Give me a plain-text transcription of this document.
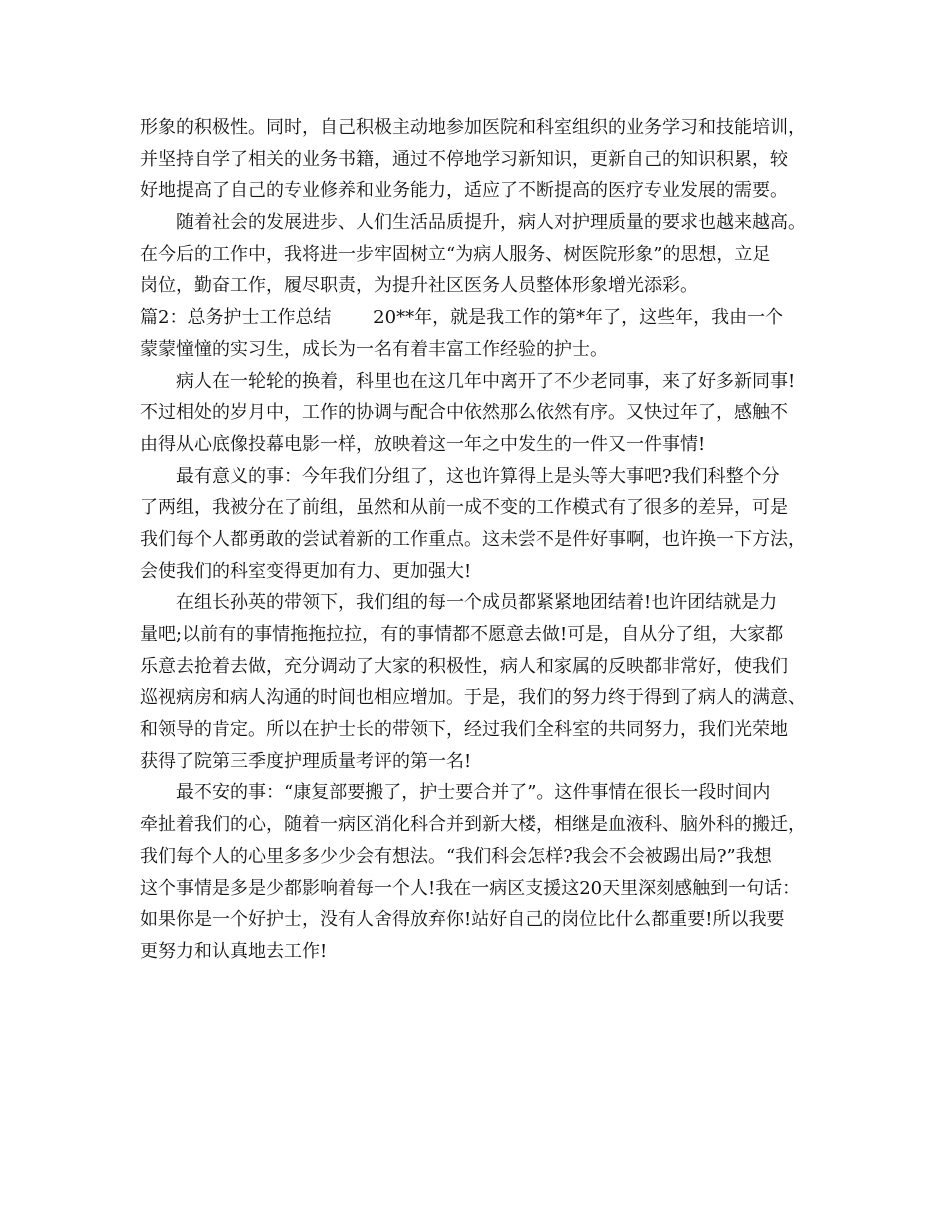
形象的积极性。同时，自己积极主动地参加医院和科室组织的业务学习和技能培训，
并坚持自学了相关的业务书籍，通过不停地学习新知识，更新自己的知识积累，较
好地提高了自己的专业修养和业务能力，适应了不断提高的医疗专业发展的需要。
随着社会的发展进步、人们生活品质提升，病人对护理质量的要求也越来越高。
在今后的工作中，我将进一步牢固树立“为病人服务、树医院形象”的思想，立足
岗位，勤奋工作，履尽职责，为提升社区医务人员整体形象增光添彩。
篇2：总务护士工作总结　　 20**年，就是我工作的第*年了，这些年，我由一个
蒙蒙憧憧的实习生，成长为一名有着丰富工作经验的护士。
病人在一轮轮的换着，科里也在这几年中离开了不少老同事，来了好多新同事!
不过相处的岁月中，工作的协调与配合中依然那么依然有序。又快过年了，感触不
由得从心底像投幕电影一样，放映着这一年之中发生的一件又一件事情!
最有意义的事：今年我们分组了，这也许算得上是头等大事吧?我们科整个分
了两组，我被分在了前组，虽然和从前一成不变的工作模式有了很多的差异，可是
我们每个人都勇敢的尝试着新的工作重点。这未尝不是件好事啊，也许换一下方法，
会使我们的科室变得更加有力、更加强大!
在组长孙英的带领下，我们组的每一个成员都紧紧地团结着!也许团结就是力
量吧;以前有的事情拖拖拉拉，有的事情都不愿意去做!可是，自从分了组，大家都
乐意去抢着去做，充分调动了大家的积极性，病人和家属的反映都非常好，使我们
巡视病房和病人沟通的时间也相应增加。于是，我们的努力终于得到了病人的满意、
和领导的肯定。所以在护士长的带领下，经过我们全科室的共同努力，我们光荣地
获得了院第三季度护理质量考评的第一名!
最不安的事：“康复部要搬了，护士要合并了”。这件事情在很长一段时间内
牵扯着我们的心，随着一病区消化科合并到新大楼，相继是血液科、脑外科的搬迁，
我们每个人的心里多多少少会有想法。“我们科会怎样?我会不会被踢出局?”我想
这个事情是多是少都影响着每一个人!我在一病区支援这20天里深刻感触到一句话：
如果你是一个好护士，没有人舍得放弃你!站好自己的岗位比什么都重要!所以我要
更努力和认真地去工作!
